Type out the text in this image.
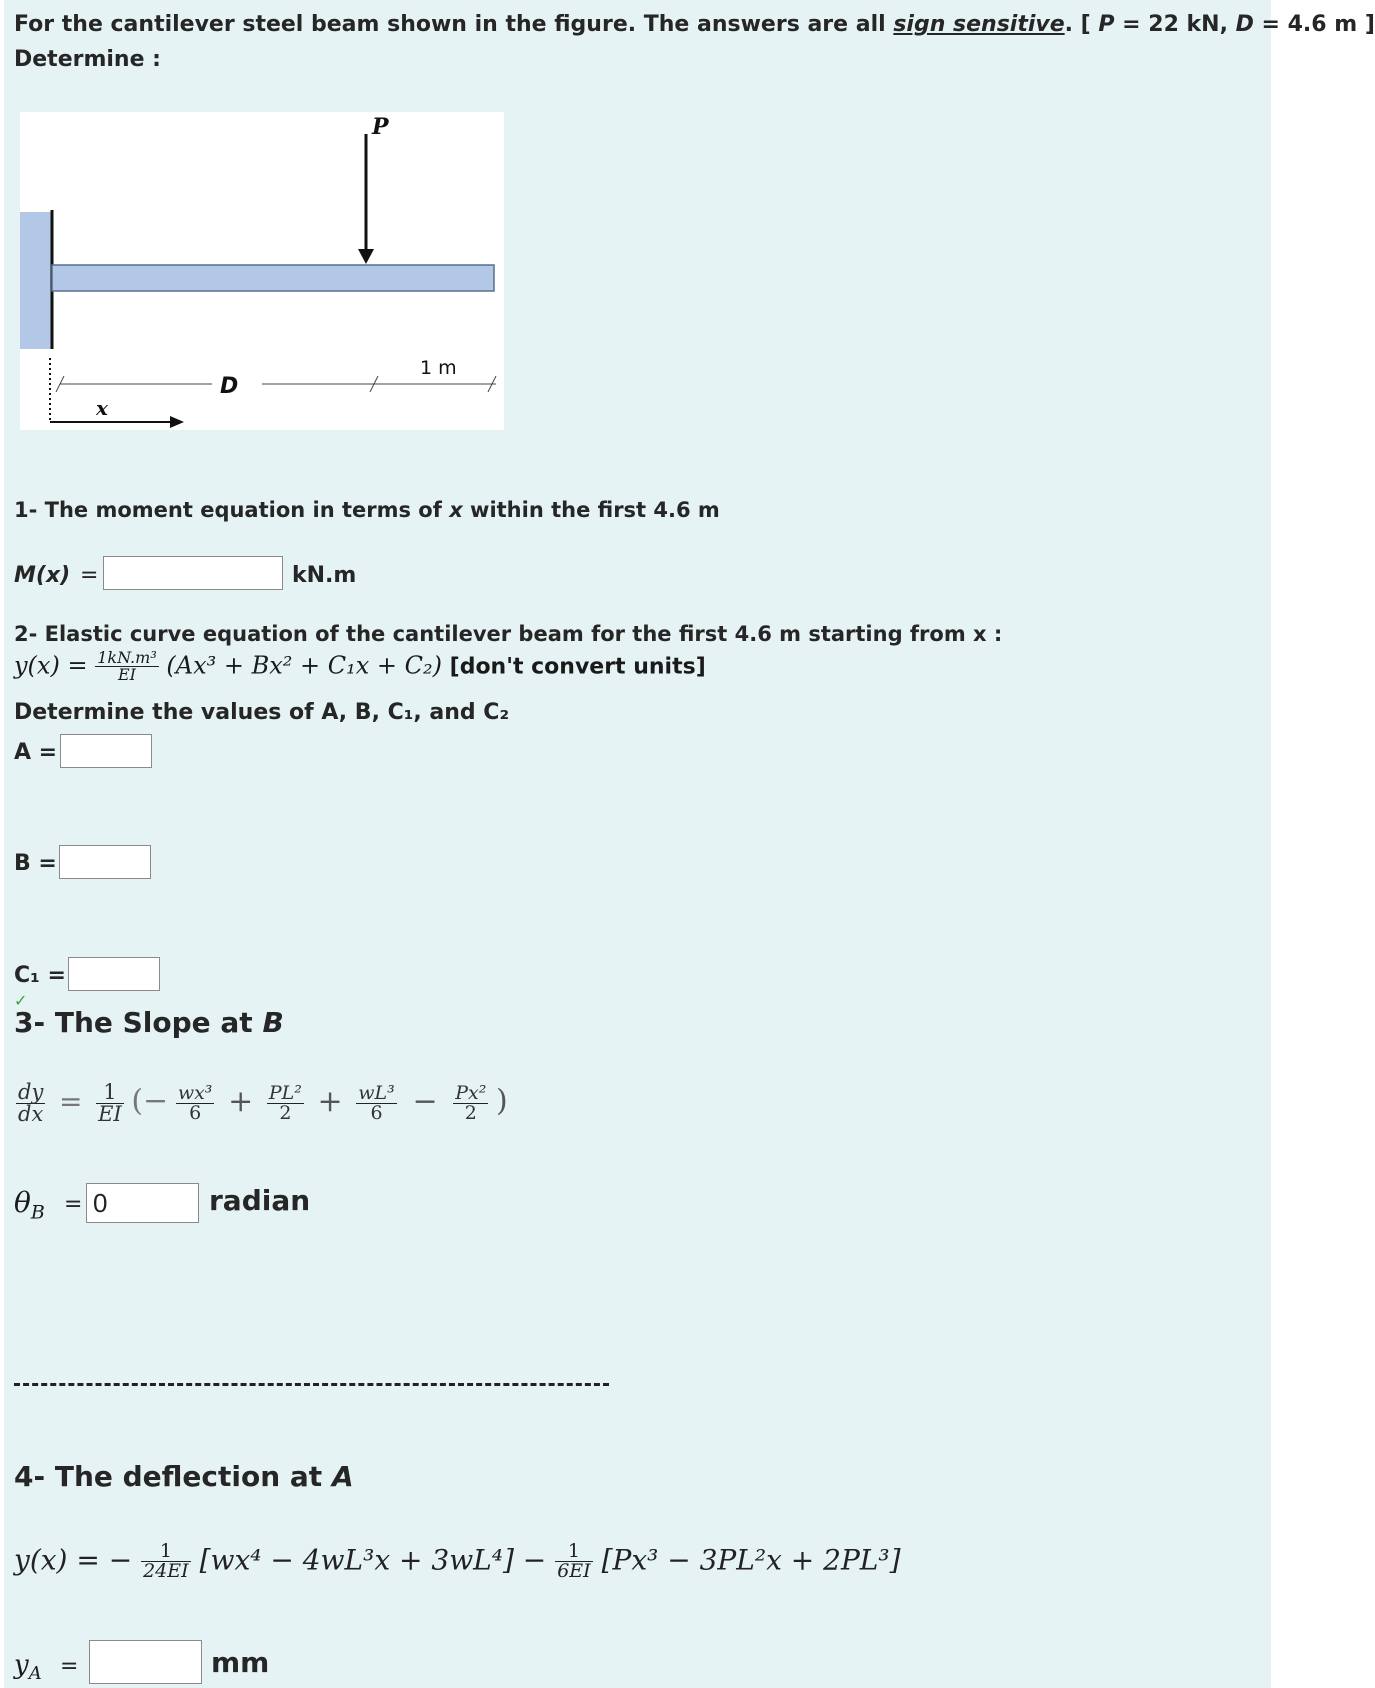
For the cantilever steel beam shown in the figure. The answers are all sign sensitive. [ P = 22 kN, D = 4.6 m ]
Determine :
P
x
D
1 m
1- The moment equation in terms of x within the first 4.6 m
M(x) =	kN.m
2- Elastic curve equation of the cantilever beam for the first 4.6 m starting from x :
$y(x) = \frac{\text{1kN.m³}}{EI} (Ax^3 + Bx^2 + C_1x + C_2)$ [don't convert units]
Determine the values of A, B, C₁, and C₂
A =
B =
C₁ =
✓
3- The Slope at B
$\frac{dy}{dx} = \frac{1}{EI}$ (− $\frac{\text{wx³}}{6} + \frac{\text{PL²}}{2} + \frac{\text{wL³}}{6} - \frac{\text{Px²}}{2}$ )
$\theta_B = 0$	radian
4- The deflection at A
y(x) = − $\frac{1}{24EI} [wx^4 - 4wL^3x + 3wL^4] - \frac{1}{6EI} [Px^3 - 3PL^2x + 2PL^3]$
$y_A$ =	mm
